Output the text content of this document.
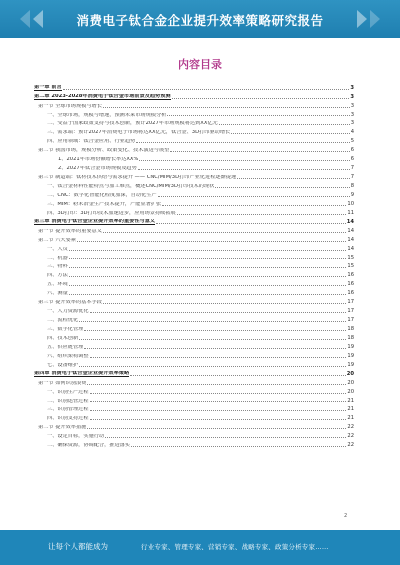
消费电子钛合金企业提升效率策略研究报告
内容目录
第一章 前言	3
第二章 2023-2028年消费电子钛合金市场前景及趋势预测	3
第一节 全球市场规模与增长	3
一、全球市场，规模与增速，预测未来市场规模分析	3
二、受益于国家政策支持与技术创新，预计2027年市场规模将达到XX亿元	3
三、需求端：预计2027年消费电子市场将达XX亿元，钛合金、3D打印驱动增长	4
四、应用领域：钛合金应用、行业趋势	5
第二节 我国市场，规模分析、政策变化、技术演进与展望	6
1、2021年市场份额增长率达XX%	6
2、2027年钛合金市场规模及趋势	7
第三节 制造端：钛材技术供给与需求提升 —— CNC/MIM/3D打印产业化进程逐渐提速	7
一、钛合金材料性能特点与加工难点，概述CNC/MIM/3D打印技术的现状	8
二、CNC：数字化智能化程度加深，自动化生产	9
三、MIM：粉末冶金生产技术提升，产能显著扩张	10
四、3D打印：3D打印技术加速进步，应用场景持续拓展	11
第三章 消费电子钛合金企业提升效率的重要性与意义	14
第一节 提升效率的重要意义	14
第二节 六大要素	14
一、人员	14
二、机器	15
三、物料	15
四、方法	16
五、环境	16
六、测量	16
第三节 提升效率的基本手段	17
一、人力资源优化	17
二、流程优化	17
三、数字化管理	18
四、技术创新	18
五、供应链管理	19
六、组织架构调整	19
七、设备维护	19
第四章 消费电子钛合金企业提升效率策略	20
第一节 如何识别浪费	20
一、识别生产过程	20
二、识别运营过程	21
三、识别管理过程	21
四、识别支持过程	21
第二节 提升效率措施	22
一、设定目标，实施行动	22
二、确保资源，协调配合，推进落实	22
2
让每个人都能成为	行业专家、管理专家、营销专家、战略专家、政策分析专家……
